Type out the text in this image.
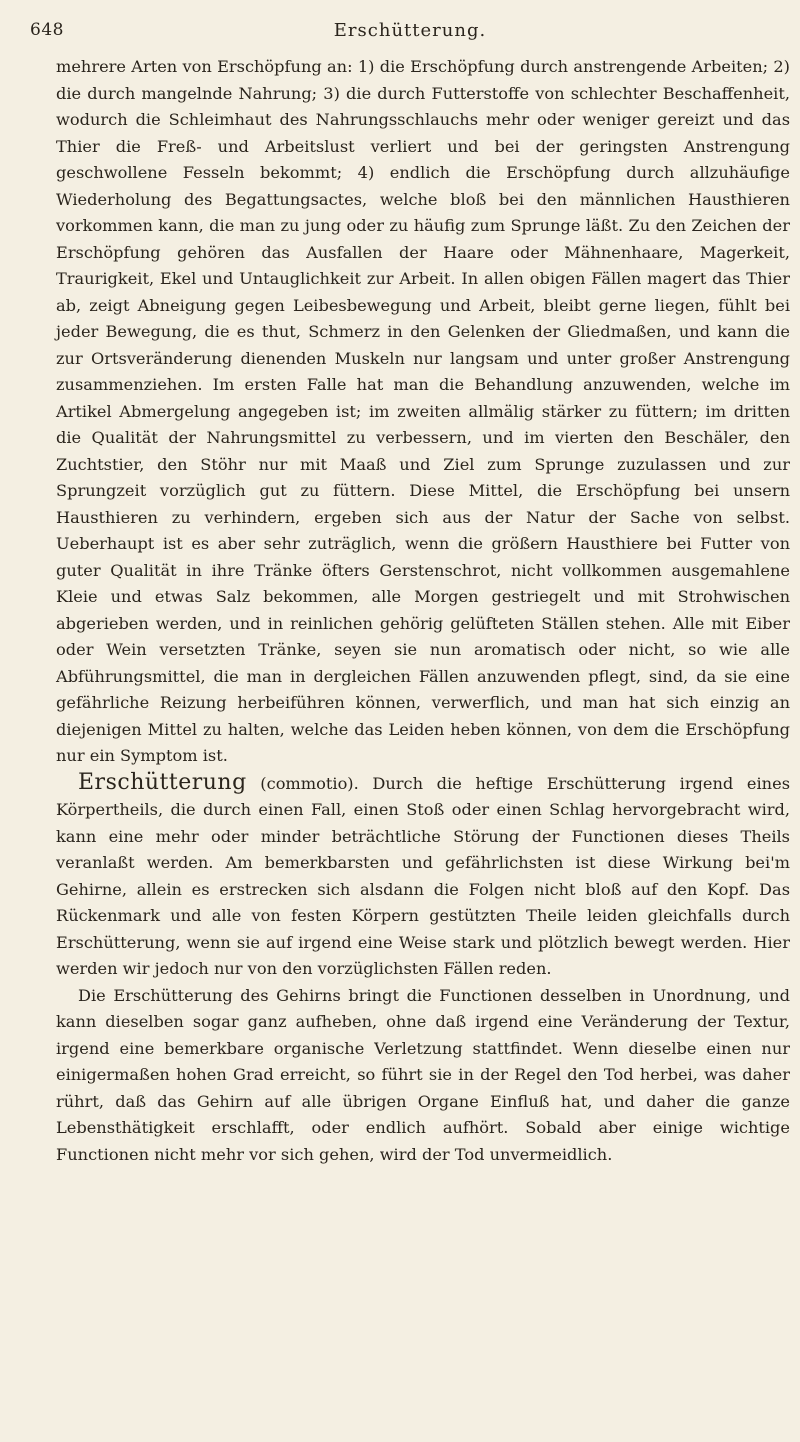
648	Erschütterung.

mehrere Arten von Erschöpfung an: 1) die Erschöpfung durch anstrengende Arbeiten; 2) die durch mangelnde Nahrung; 3) die durch Futterstoffe von schlechter Beschaffenheit, wodurch die Schleimhaut des Nahrungsschlauchs mehr oder weniger gereizt und das Thier die Freß- und Arbeitslust verliert und bei der geringsten Anstrengung geschwollene Fesseln bekommt; 4) endlich die Erschöpfung durch allzuhäufige Wiederholung des Begattungsactes, welche bloß bei den männlichen Hausthieren vorkommen kann, die man zu jung oder zu häufig zum Sprunge läßt. Zu den Zeichen der Erschöpfung gehören das Ausfallen der Haare oder Mähnenhaare, Magerkeit, Traurigkeit, Ekel und Untauglichkeit zur Arbeit. In allen obigen Fällen magert das Thier ab, zeigt Abneigung gegen Leibesbewegung und Arbeit, bleibt gerne liegen, fühlt bei jeder Bewegung, die es thut, Schmerz in den Gelenken der Gliedmaßen, und kann die zur Ortsveränderung dienenden Muskeln nur langsam und unter großer Anstrengung zusammenziehen. Im ersten Falle hat man die Behandlung anzuwenden, welche im Artikel Abmergelung angegeben ist; im zweiten allmälig stärker zu füttern; im dritten die Qualität der Nahrungsmittel zu verbessern, und im vierten den Beschäler, den Zuchtstier, den Stöhr nur mit Maaß und Ziel zum Sprunge zuzulassen und zur Sprungzeit vorzüglich gut zu füttern. Diese Mittel, die Erschöpfung bei unsern Hausthieren zu verhindern, ergeben sich aus der Natur der Sache von selbst. Ueberhaupt ist es aber sehr zuträglich, wenn die größern Hausthiere bei Futter von guter Qualität in ihre Tränke öfters Gerstenschrot, nicht vollkommen ausgemahlene Kleie und etwas Salz bekommen, alle Morgen gestriegelt und mit Strohwischen abgerieben werden, und in reinlichen gehörig gelüfteten Ställen stehen. Alle mit Eiber oder Wein versetzten Tränke, seyen sie nun aromatisch oder nicht, so wie alle Abführungsmittel, die man in dergleichen Fällen anzuwenden pflegt, sind, da sie eine gefährliche Reizung herbeiführen können, verwerflich, und man hat sich einzig an diejenigen Mittel zu halten, welche das Leiden heben können, von dem die Erschöpfung nur ein Symptom ist.

Erschütterung (commotio). Durch die heftige Erschütterung irgend eines Körpertheils, die durch einen Fall, einen Stoß oder einen Schlag hervorgebracht wird, kann eine mehr oder minder beträchtliche Störung der Functionen dieses Theils veranlaßt werden. Am bemerkbarsten und gefährlichsten ist diese Wirkung bei'm Gehirne, allein es erstrecken sich alsdann die Folgen nicht bloß auf den Kopf. Das Rückenmark und alle von festen Körpern gestützten Theile leiden gleichfalls durch Erschütterung, wenn sie auf irgend eine Weise stark und plötzlich bewegt werden. Hier werden wir jedoch nur von den vorzüglichsten Fällen reden.

Die Erschütterung des Gehirns bringt die Functionen desselben in Unordnung, und kann dieselben sogar ganz aufheben, ohne daß irgend eine Veränderung der Textur, irgend eine bemerkbare organische Verletzung stattfindet. Wenn dieselbe einen nur einigermaßen hohen Grad erreicht, so führt sie in der Regel den Tod herbei, was daher rührt, daß das Gehirn auf alle übrigen Organe Einfluß hat, und daher die ganze Lebensthätigkeit erschlafft, oder endlich aufhört. Sobald aber einige wichtige Functionen nicht mehr vor sich gehen, wird der Tod unvermeidlich.
